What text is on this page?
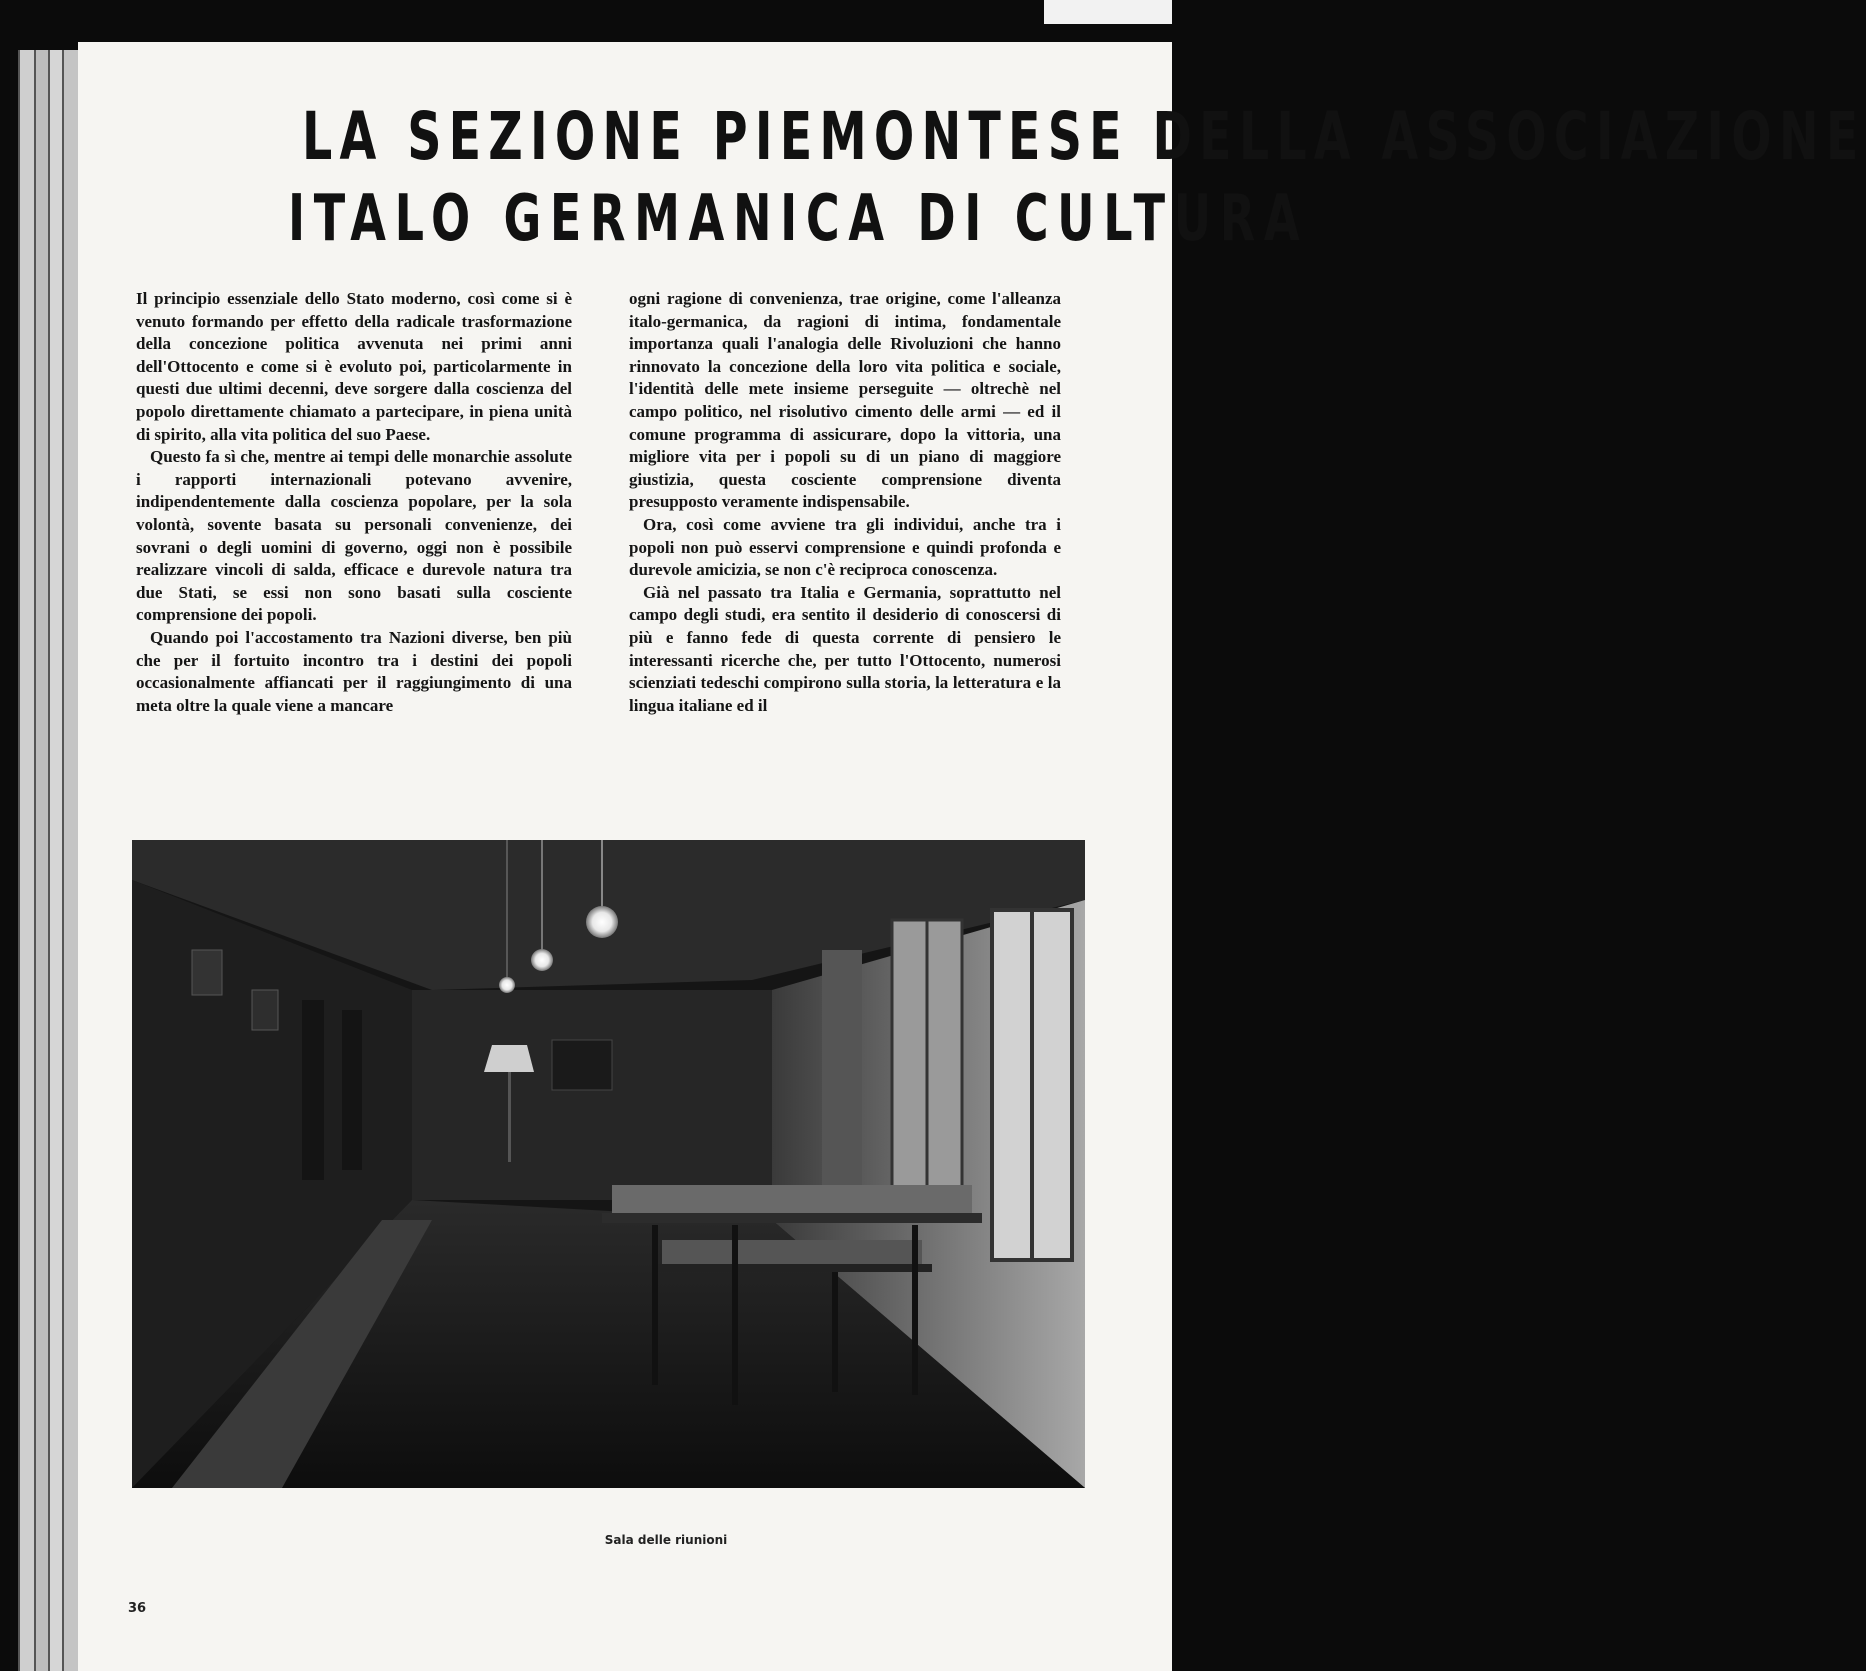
LA SEZIONE PIEMONTESE DELLA ASSOCIAZIONE
ITALO GERMANICA DI CULTURA

Il principio essenziale dello Stato moderno, così come si è venuto formando per effetto della radicale trasformazione della concezione politica avvenuta nei primi anni dell'Ottocento e come si è evoluto poi, particolarmente in questi due ultimi decenni, deve sorgere dalla coscienza del popolo direttamente chiamato a partecipare, in piena unità di spirito, alla vita politica del suo Paese.

Questo fa sì che, mentre ai tempi delle monarchie assolute i rapporti internazionali potevano avvenire, indipendentemente dalla coscienza popolare, per la sola volontà, sovente basata su personali convenienze, dei sovrani o degli uomini di governo, oggi non è possibile realizzare vincoli di salda, efficace e durevole natura tra due Stati, se essi non sono basati sulla cosciente comprensione dei popoli.

Quando poi l'accostamento tra Nazioni diverse, ben più che per il fortuito incontro tra i destini dei popoli occasionalmente affiancati per il raggiungimento di una meta oltre la quale viene a mancare

ogni ragione di convenienza, trae origine, come l'alleanza italo-germanica, da ragioni di intima, fondamentale importanza quali l'analogia delle Rivoluzioni che hanno rinnovato la concezione della loro vita politica e sociale, l'identità delle mete insieme perseguite — oltrechè nel campo politico, nel risolutivo cimento delle armi — ed il comune programma di assicurare, dopo la vittoria, una migliore vita per i popoli su di un piano di maggiore giustizia, questa cosciente comprensione diventa presupposto veramente indispensabile.

Ora, così come avviene tra gli individui, anche tra i popoli non può esservi comprensione e quindi profonda e durevole amicizia, se non c'è reciproca conoscenza.

Già nel passato tra Italia e Germania, soprattutto nel campo degli studi, era sentito il desiderio di conoscersi di più e fanno fede di questa corrente di pensiero le interessanti ricerche che, per tutto l'Ottocento, numerosi scienziati tedeschi compirono sulla storia, la letteratura e la lingua italiane ed il

Sala delle riunioni
36
